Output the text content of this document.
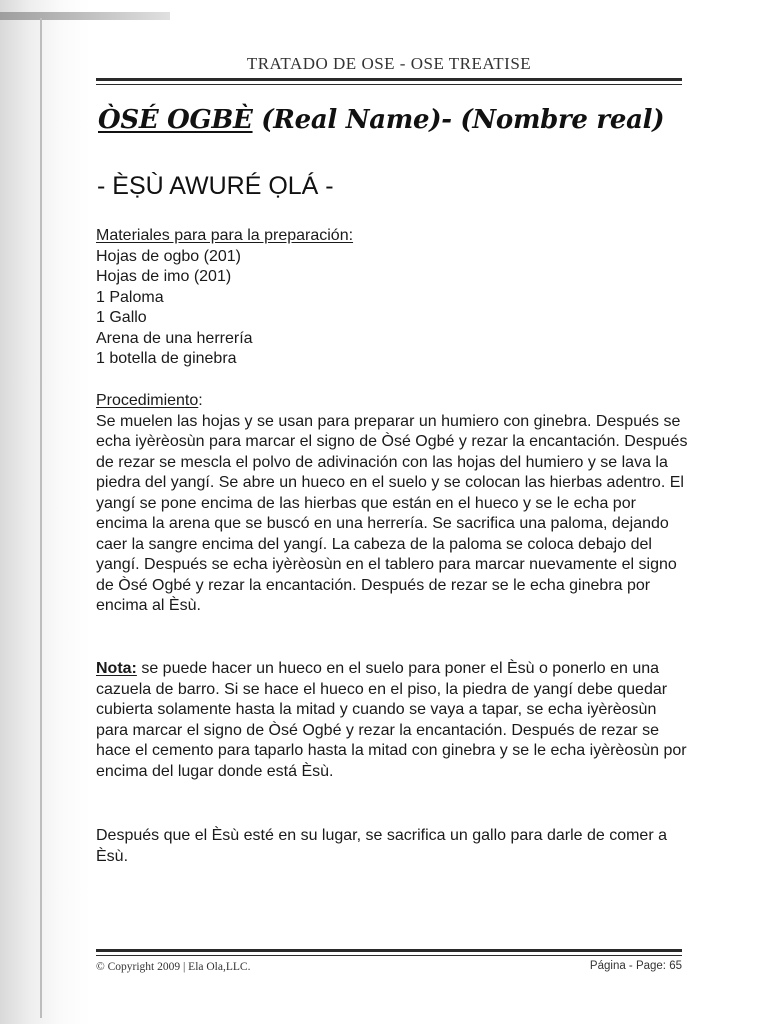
TRATADO DE OSE - OSE TREATISE
ÒSÉ OGBÈ (Real Name)- (Nombre real)
- ÈṢÙ AWURÉ ỌLÁ -
Materiales para para la preparación:
Hojas de ogbo (201)
Hojas de imo (201)
1 Paloma
1 Gallo
Arena de una herrería
1 botella de ginebra
Procedimiento:

Se muelen las hojas y se usan para preparar un humiero con ginebra. Después se echa iyèrèosùn para marcar el signo de Òsé Ogbé y rezar la encantación. Después de rezar se mescla el polvo de adivinación con las hojas del humiero y se lava la piedra del yangí. Se abre un hueco en el suelo y se colocan las hierbas adentro. El yangí se pone encima de las hierbas que están en el hueco y se le echa por encima la arena que se buscó en una herrería. Se sacrifica una paloma, dejando caer la sangre encima del yangí. La cabeza de la paloma se coloca debajo del yangí. Después se echa iyèrèosùn en el tablero para marcar nuevamente el signo de Òsé Ogbé y rezar la encantación. Después de rezar se le echa ginebra por encima al Èsù.

Nota: se puede hacer un hueco en el suelo para poner el Èsù o ponerlo en una cazuela de barro. Si se hace el hueco en el piso, la piedra de yangí debe quedar cubierta solamente hasta la mitad y cuando se vaya a tapar, se echa iyèrèosùn para marcar el signo de Òsé Ogbé y rezar la encantación. Después de rezar se hace el cemento para taparlo hasta la mitad con ginebra y se le echa iyèrèosùn por encima del lugar donde está Èsù.

Después que el Èsù esté en su lugar, se sacrifica un gallo para darle de comer a Èsù.

© Copyright 2009 | Ela Ola,LLC.	Página - Page: 65
